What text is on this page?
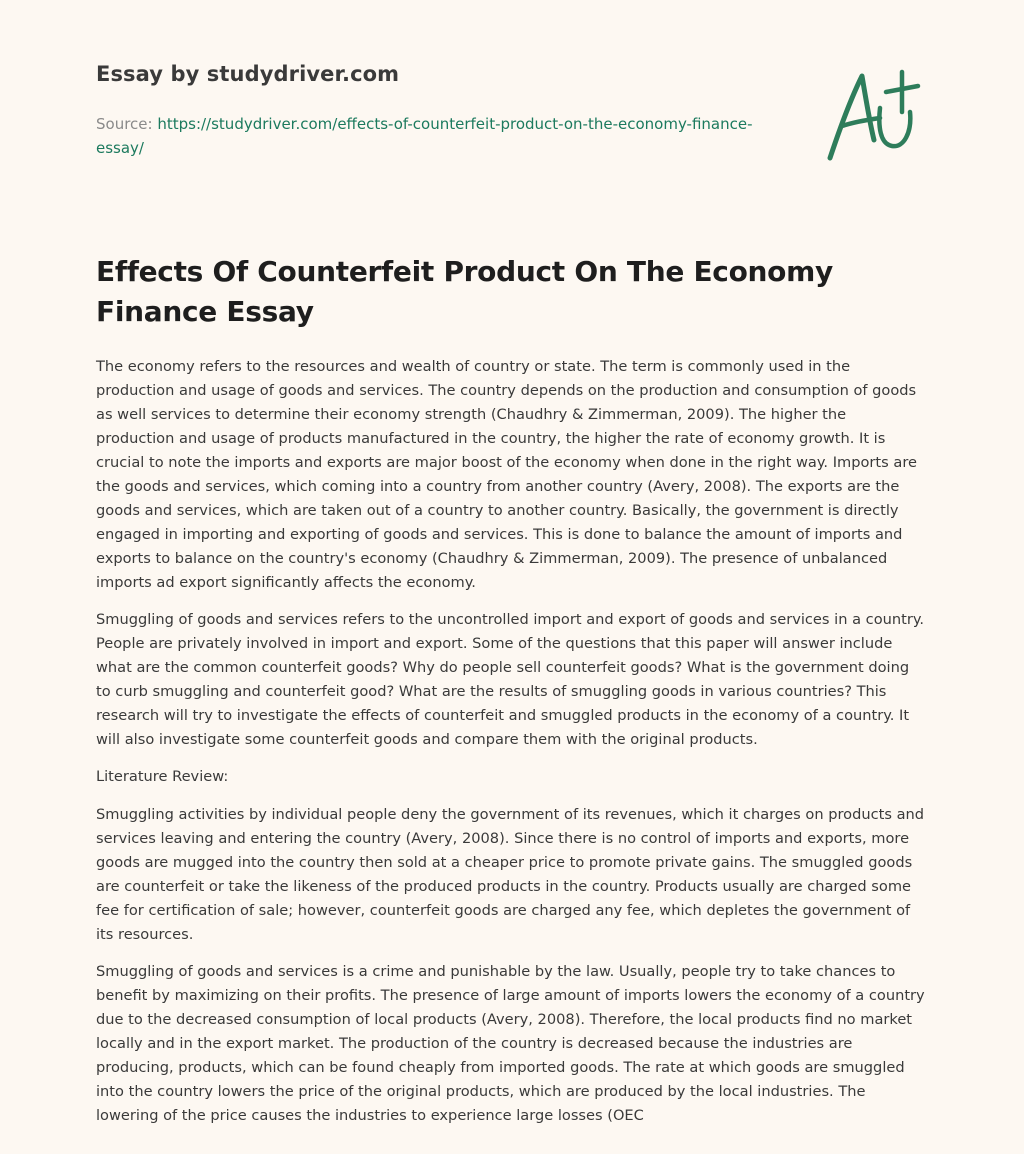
Essay by studydriver.com
Source: https://studydriver.com/effects-of-counterfeit-product-on-the-economy-finance-essay/
Effects Of Counterfeit Product On The Economy Finance Essay

The economy refers to the resources and wealth of country or state. The term is commonly used in the production and usage of goods and services. The country depends on the production and consumption of goods as well services to determine their economy strength (Chaudhry & Zimmerman, 2009). The higher the production and usage of products manufactured in the country, the higher the rate of economy growth. It is crucial to note the imports and exports are major boost of the economy when done in the right way. Imports are the goods and services, which coming into a country from another country (Avery, 2008). The exports are the goods and services, which are taken out of a country to another country. Basically, the government is directly engaged in importing and exporting of goods and services. This is done to balance the amount of imports and exports to balance on the country's economy (Chaudhry & Zimmerman, 2009). The presence of unbalanced imports ad export significantly affects the economy.

Smuggling of goods and services refers to the uncontrolled import and export of goods and services in a country. People are privately involved in import and export. Some of the questions that this paper will answer include what are the common counterfeit goods? Why do people sell counterfeit goods? What is the government doing to curb smuggling and counterfeit good? What are the results of smuggling goods in various countries? This research will try to investigate the effects of counterfeit and smuggled products in the economy of a country. It will also investigate some counterfeit goods and compare them with the original products.

Literature Review:

Smuggling activities by individual people deny the government of its revenues, which it charges on products and services leaving and entering the country (Avery, 2008). Since there is no control of imports and exports, more goods are mugged into the country then sold at a cheaper price to promote private gains. The smuggled goods are counterfeit or take the likeness of the produced products in the country. Products usually are charged some fee for certification of sale; however, counterfeit goods are charged any fee, which depletes the government of its resources.

Smuggling of goods and services is a crime and punishable by the law. Usually, people try to take chances to benefit by maximizing on their profits. The presence of large amount of imports lowers the economy of a country due to the decreased consumption of local products (Avery, 2008). Therefore, the local products find no market locally and in the export market. The production of the country is decreased because the industries are producing, products, which can be found cheaply from imported goods. The rate at which goods are smuggled into the country lowers the price of the original products, which are produced by the local industries. The lowering of the price causes the industries to experience large losses (OEC
